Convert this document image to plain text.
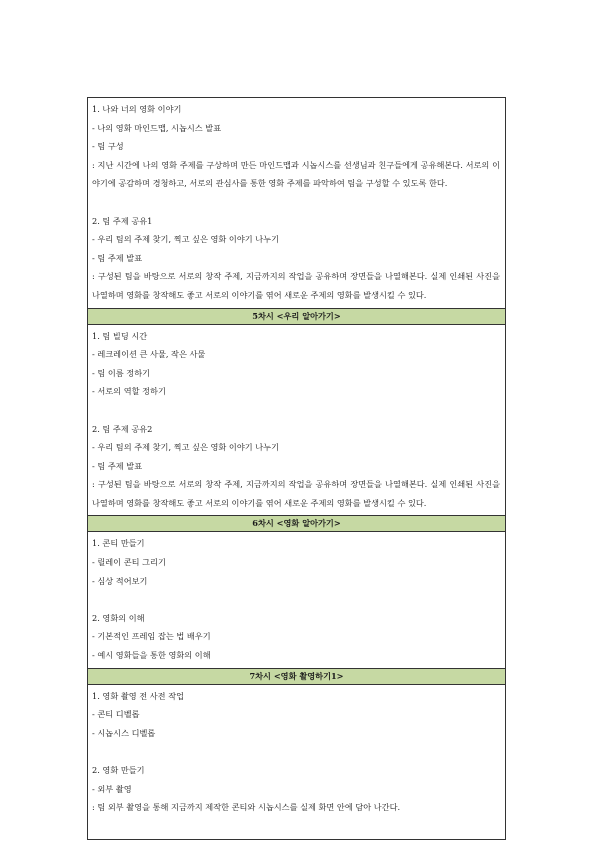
1. 나와 너의 영화 이야기
- 나의 영화 마인드맵, 시놉시스 발표
- 팀 구성
: 지난 시간에 나의 영화 주제를 구상하며 만든 마인드맵과 시놉시스를 선생님과 친구들에게 공유해본다. 서로의 이야기에 공감하며 경청하고, 서로의 관심사를 통한 영화 주제를 파악하여 팀을 구성할 수 있도록 한다.
2. 팀 주제 공유1
- 우리 팀의 주제 찾기, 찍고 싶은 영화 이야기 나누기
- 팀 주제 발표
: 구성된 팀을 바탕으로 서로의 창작 주제, 지금까지의 작업을 공유하며 장면들을 나열해본다. 실제 인쇄된 사진을 나열하며 영화를 창작해도 좋고 서로의 이야기를 엮어 새로운 주제의 영화를 발생시킬 수 있다.
5차시 <우리 알아가기>
1. 팀 빌딩 시간
- 레크레이션 큰 사물, 작은 사물
- 팀 이름 정하기
- 서로의 역할 정하기
2. 팀 주제 공유2
- 우리 팀의 주제 찾기, 찍고 싶은 영화 이야기 나누기
- 팀 주제 발표
: 구성된 팀을 바탕으로 서로의 창작 주제, 지금까지의 작업을 공유하며 장면들을 나열해본다. 실제 인쇄된 사진을 나열하며 영화를 창작해도 좋고 서로의 이야기를 엮어 새로운 주제의 영화를 발생시킬 수 있다.
6차시 <영화 알아가기>
1. 콘티 만들기
- 릴레이 콘티 그리기
- 심상 적어보기
2. 영화의 이해
- 기본적인 프레임 잡는 법 배우기
- 예시 영화들을 통한 영화의 이해
7차시 <영화 촬영하기1>
1. 영화 촬영 전 사전 작업
- 콘티 디벨롭
- 시놉시스 디벨롭
2. 영화 만들기
- 외부 촬영
: 팀 외부 촬영을 통해 지금까지 제작한 콘티와 시놉시스를 실제 화면 안에 담아 나간다.
